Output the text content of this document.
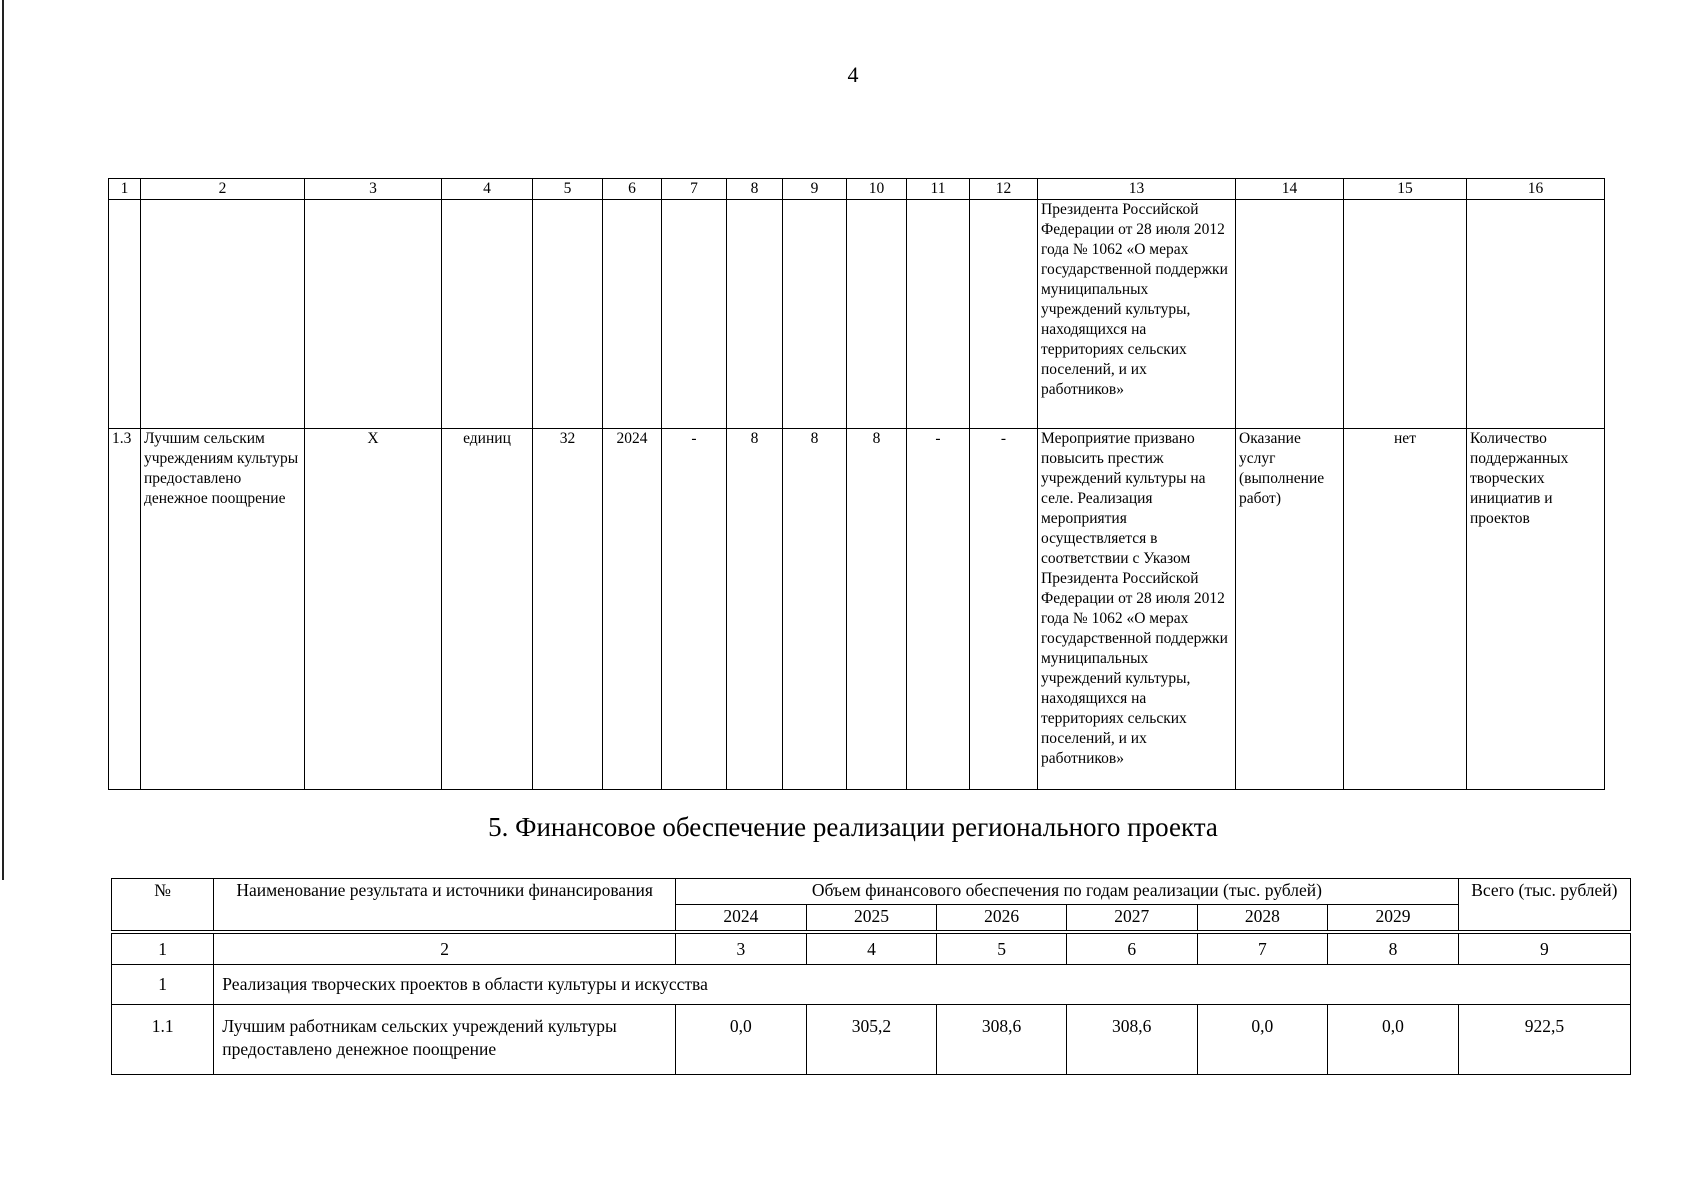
4
1	2	3	4	5	6	7	8	9	10	11	12	13	14	15	16
												Президента Российской Федерации от 28 июля 2012 года № 1062 «О мерах государственной поддержки муниципальных учреждений культуры, находящихся на территориях сельских поселений, и их работников»			
1.3	Лучшим сельским учреждениям культуры предоставлено денежное поощрение	Х	единиц	32	2024	-	8	8	8	-	-	Мероприятие призвано повысить престиж учреждений культуры на селе. Реализация мероприятия осуществляется в соответствии с Указом Президента Российской Федерации от 28 июля 2012 года № 1062 «О мерах государственной поддержки муниципальных учреждений культуры, находящихся на территориях сельских поселений, и их работников»	Оказание услуг (выполнение работ)	нет	Количество поддержанных творческих инициатив и проектов
5. Финансовое обеспечение реализации регионального проекта
№	Наименование результата и источники финансирования	Объем финансового обеспечения по годам реализации (тыс. рублей)						Всего (тыс. рублей)
		2024	2025	2026	2027	2028	2029	

1	2	3	4	5	6	7	8	9
1	Реализация творческих проектов в области культуры и искусства							
1.1	Лучшим работникам сельских учреждений культуры предоставлено денежное поощрение	0,0	305,2	308,6	308,6	0,0	0,0	922,5
